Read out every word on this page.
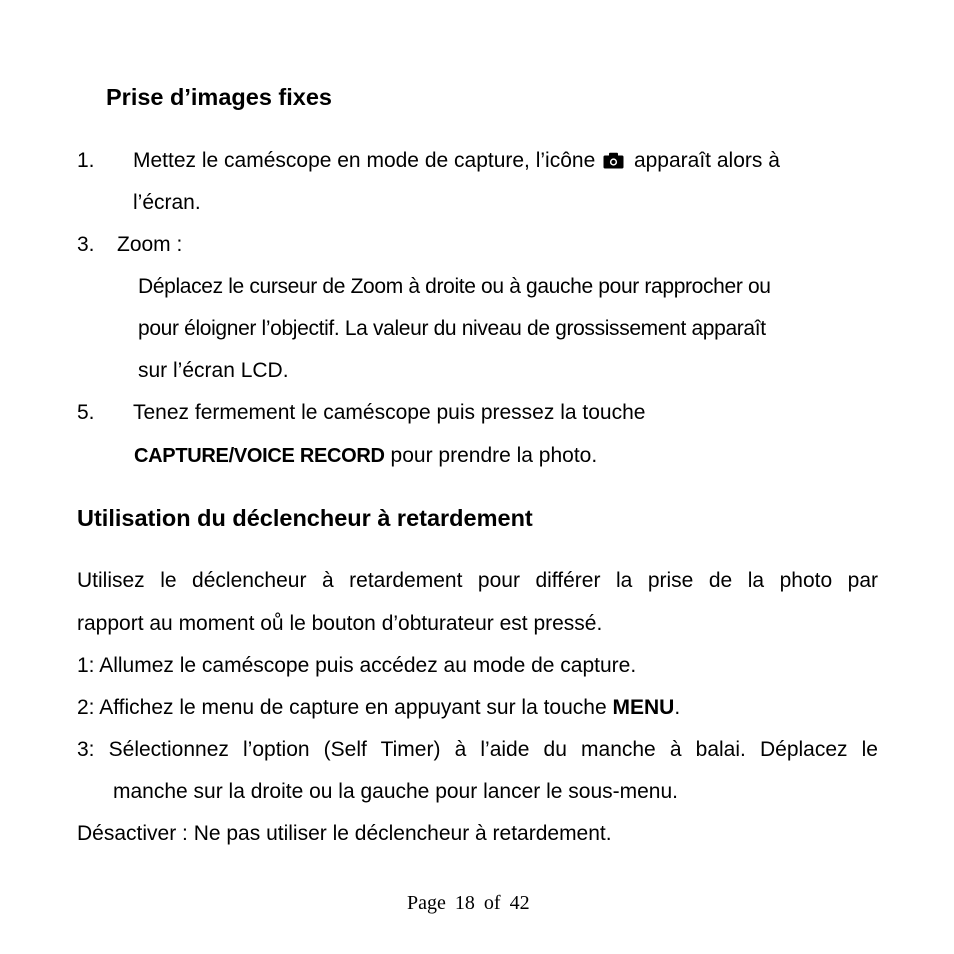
Prise d’images fixes
1. Mettez le caméscope en mode de capture, l’icône apparaît alors à
l’écran.
3. Zoom :
Déplacez le curseur de Zoom à droite ou à gauche pour rapprocher ou
pour éloigner l’objectif. La valeur du niveau de grossissement apparaît
sur l’écran LCD.
5. Tenez fermement le caméscope puis pressez la touche
CAPTURE/VOICE RECORD pour prendre la photo.
Utilisation du déclencheur à retardement
Utilisez le déclencheur à retardement pour différer la prise de la photo par
rapport au moment oů le bouton d’obturateur est pressé.
1: Allumez le caméscope puis accédez au mode de capture.
2: Affichez le menu de capture en appuyant sur la touche MENU.
3: Sélectionnez l’option (Self Timer) à l’aide du manche à balai. Déplacez le
manche sur la droite ou la gauche pour lancer le sous-menu.
Désactiver : Ne pas utiliser le déclencheur à retardement.
Page 18 of 42
